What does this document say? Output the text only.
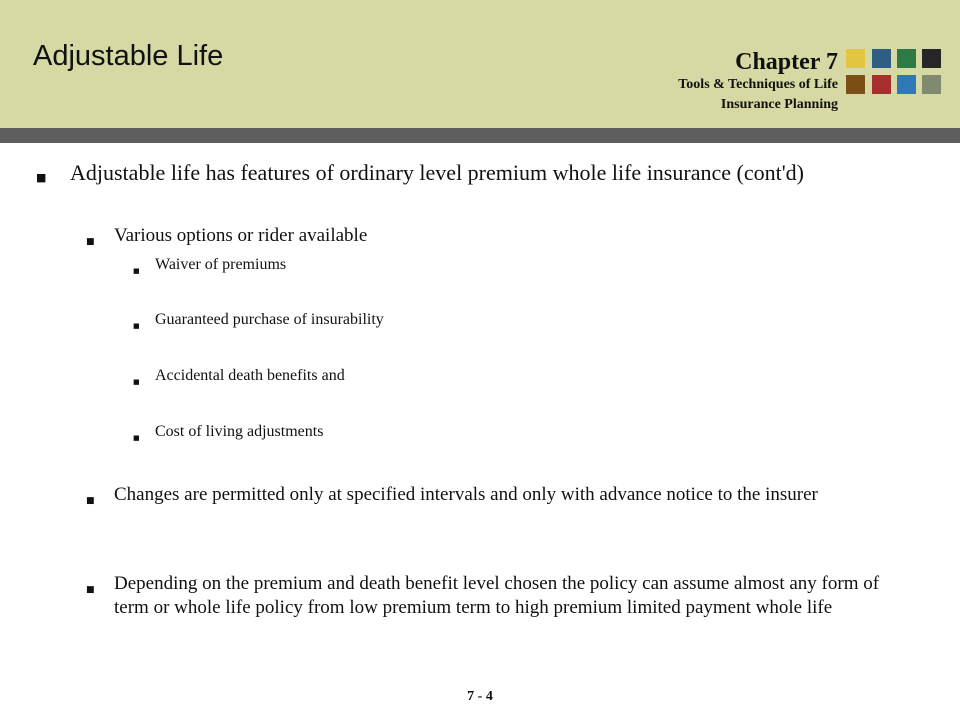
Adjustable Life	Chapter 7
Tools & Techniques of Life
Insurance Planning
■	Adjustable life has features of ordinary level premium whole life insurance (cont'd)
■	Various options or rider available
■ Waiver of premiums
■ Guaranteed purchase of insurability
■ Accidental death benefits and
■ Cost of living adjustments
■	Changes are permitted only at specified intervals and only with advance notice to the insurer
■	Depending on the premium and death benefit level chosen the policy can assume almost any form of term or whole life policy from low premium term to high premium limited payment whole life
7 - 4
